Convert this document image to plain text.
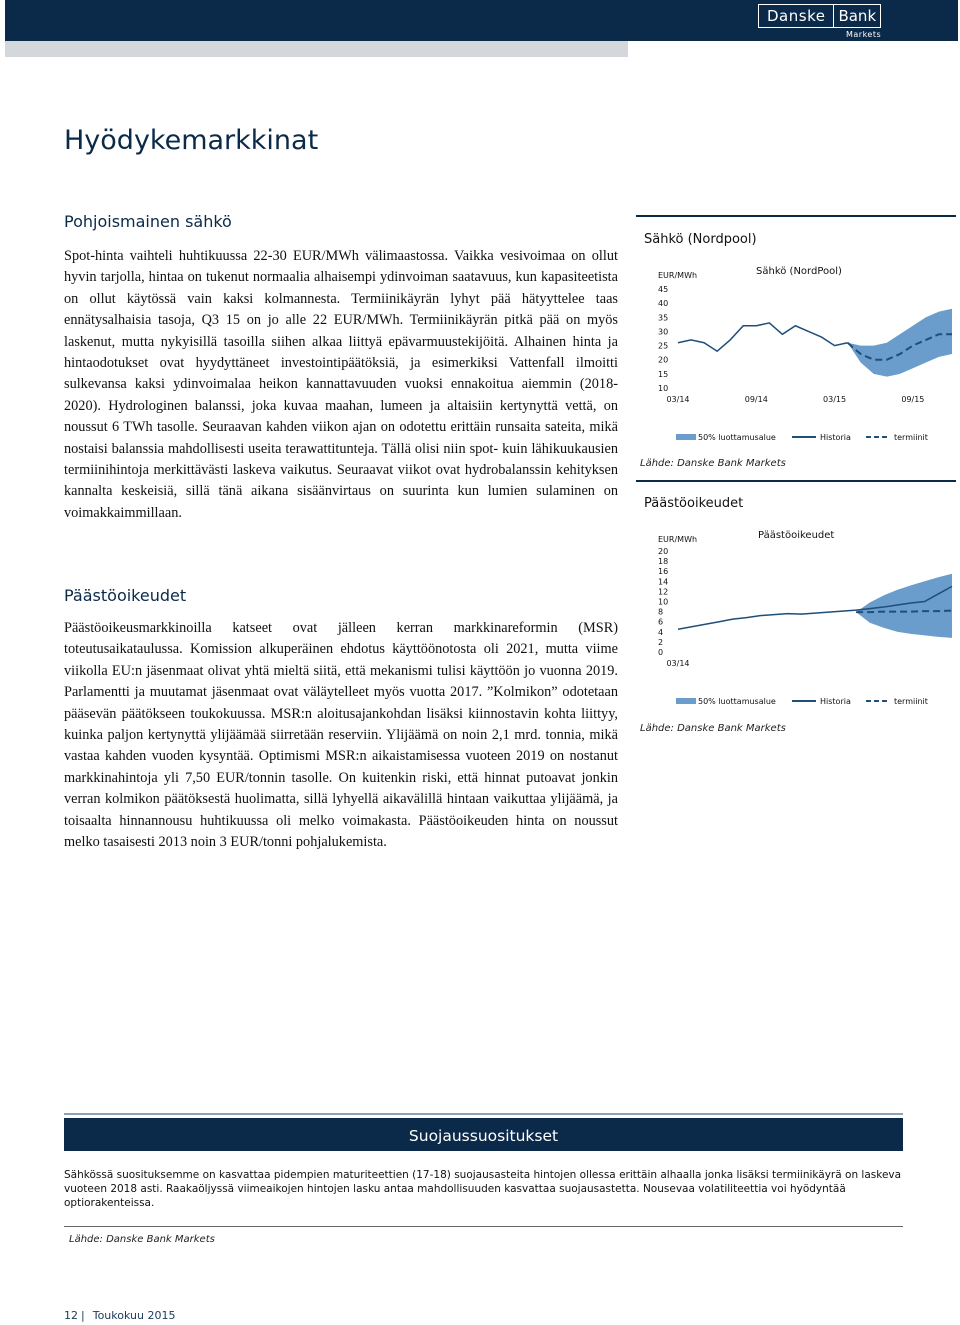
Danske Bank
Markets
Hyödykemarkkinat
Pohjoismainen sähkö
Spot-hinta vaihteli huhtikuussa 22-30 EUR/MWh välimaastossa. Vaikka vesivoimaa on ollut hyvin tarjolla, hintaa on tukenut normaalia alhaisempi ydinvoiman saatavuus, kun kapasiteetista on ollut käytössä vain kaksi kolmannesta. Termiinikäyrän lyhyt pää hätyyttelee taas ennätysalhaisia tasoja, Q3 15 on jo alle 22 EUR/MWh. Termiinikäyrän pitkä pää on myös laskenut, mutta nykyisillä tasoilla siihen alkaa liittyä epävarmuustekijöitä. Alhainen hinta ja hintaodotukset ovat hyydyttäneet investointipäätöksiä, ja esimerkiksi Vattenfall ilmoitti sulkevansa kaksi ydinvoimalaa heikon kannattavuuden vuoksi ennakoitua aiemmin (2018-2020). Hydrologinen balanssi, joka kuvaa maahan, lumeen ja altaisiin kertynyttä vettä, on noussut 6 TWh tasolle. Seuraavan kahden viikon ajan on odotettu erittäin runsaita sateita, mikä nostaisi balanssia mahdollisesti useita terawattitunteja. Tällä olisi niin spot- kuin lähikuukausien termiinihintoja merkittävästi laskeva vaikutus. Seuraavat viikot ovat hydrobalanssin kehityksen kannalta keskeisiä, sillä tänä aikana sisäänvirtaus on suurinta kun lumien sulaminen on voimakkaimmillaan.
Päästöoikeudet
Päästöoikeusmarkkinoilla katseet ovat jälleen kerran markkinareformin (MSR) toteutusaikataulussa. Komission alkuperäinen ehdotus käyttöönotosta oli 2021, mutta viime viikolla EU:n jäsenmaat olivat yhtä mieltä siitä, että mekanismi tulisi käyttöön jo vuonna 2019. Parlamentti ja muutamat jäsenmaat ovat väläytelleet myös vuotta 2017. ”Kolmikon” odotetaan pääsevän päätökseen toukokuussa. MSR:n aloitusajankohdan lisäksi kiinnostavin kohta liittyy, kuinka paljon kertynyttä ylijäämää siirretään reserviin. Ylijäämä on noin 2,1 mrd. tonnia, mikä vastaa kahden vuoden kysyntää. Optimismi MSR:n aikaistamisessa vuoteen 2019 on nostanut markkinahintoja yli 7,50 EUR/tonnin tasolle. On kuitenkin riski, että hinnat putoavat jonkin verran kolmikon päätöksestä huolimatta, sillä lyhyellä aikavälillä hintaan vaikuttaa ylijäämä, ja toisaalta hinnannousu huhtikuussa oli melko voimakasta. Päästöoikeuden hinta on noussut melko tasaisesti 2013 noin 3 EUR/tonni pohjalukemista.
Sähkö (Nordpool)
Sähkö (NordPool)
EUR/MWh
10
15
20
25
30
35
40
45
03/14	09/14	03/15	09/15
50% luottamusalue	Historia	termiinit
Lähde: Danske Bank Markets
Päästöoikeudet
Päästöoikeudet
EUR/MWh
0
2
4
6
8
10
12
14
16
18
20
03/14
50% luottamusalue	Historia	termiinit
Lähde: Danske Bank Markets
Suojaussuositukset
Sähkössä suosituksemme on kasvattaa pidempien maturiteettien (17-18) suojausasteita hintojen ollessa erittäin alhaalla jonka lisäksi termiinikäyrä on laskeva vuoteen 2018 asti. Raakaöljyssä viimeaikojen hintojen lasku antaa mahdollisuuden kasvattaa suojausastetta. Nousevaa volatiliteettia voi hyödyntää optiorakenteissa.
Lähde: Danske Bank Markets
12 | Toukokuu 2015
